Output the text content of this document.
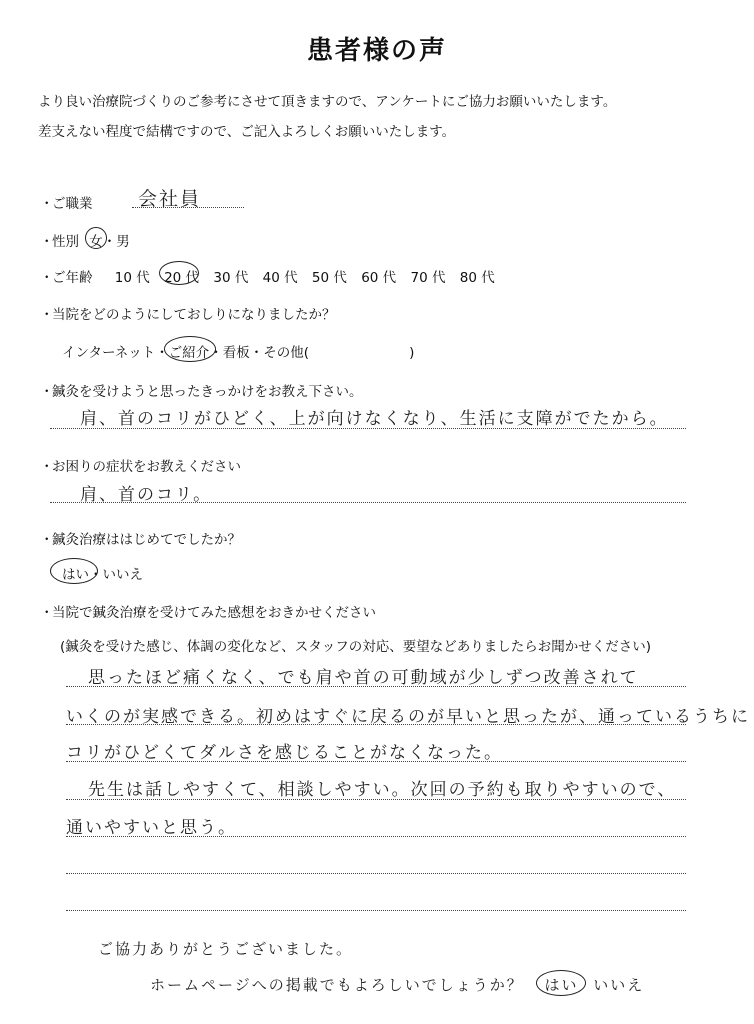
患者様の声
より良い治療院づくりのご参考にさせて頂きますので、アンケートにご協力お願いいたします。
差支えない程度で結構ですので、ご記入よろしくお願いいたします。
・ご職業 会社員
・性別 女
・男
・ご年齢 10 代 20 代 30 代 40 代 50 代 60 代 70 代 80 代
・当院をどのようにしておしりになりましたか？
インターネット・ご紹介
・看板・その他(	)
・鍼灸を受けようと思ったきっかけをお教え下さい。
肩、首のコリがひどく、上が向けなくなり、生活に支障がでたから。
・お困りの症状をお教えください
肩、首のコリ。
・鍼灸治療ははじめてでしたか？
はい
・いいえ
・当院で鍼灸治療を受けてみた感想をおきかせください
(鍼灸を受けた感じ、体調の変化など、スタッフの対応、要望などありましたらお聞かせください)
思ったほど痛くなく、でも肩や首の可動域が少しずつ改善されて
いくのが実感できる。初めはすぐに戻るのが早いと思ったが、通っているうちに
コリがひどくてダルさを感じることがなくなった。
先生は話しやすくて、相談しやすい。次回の予約も取りやすいので、
通いやすいと思う。
ご協力ありがとうございました。
ホームページへの掲載でもよろしいでしょうか？ はい いいえ
